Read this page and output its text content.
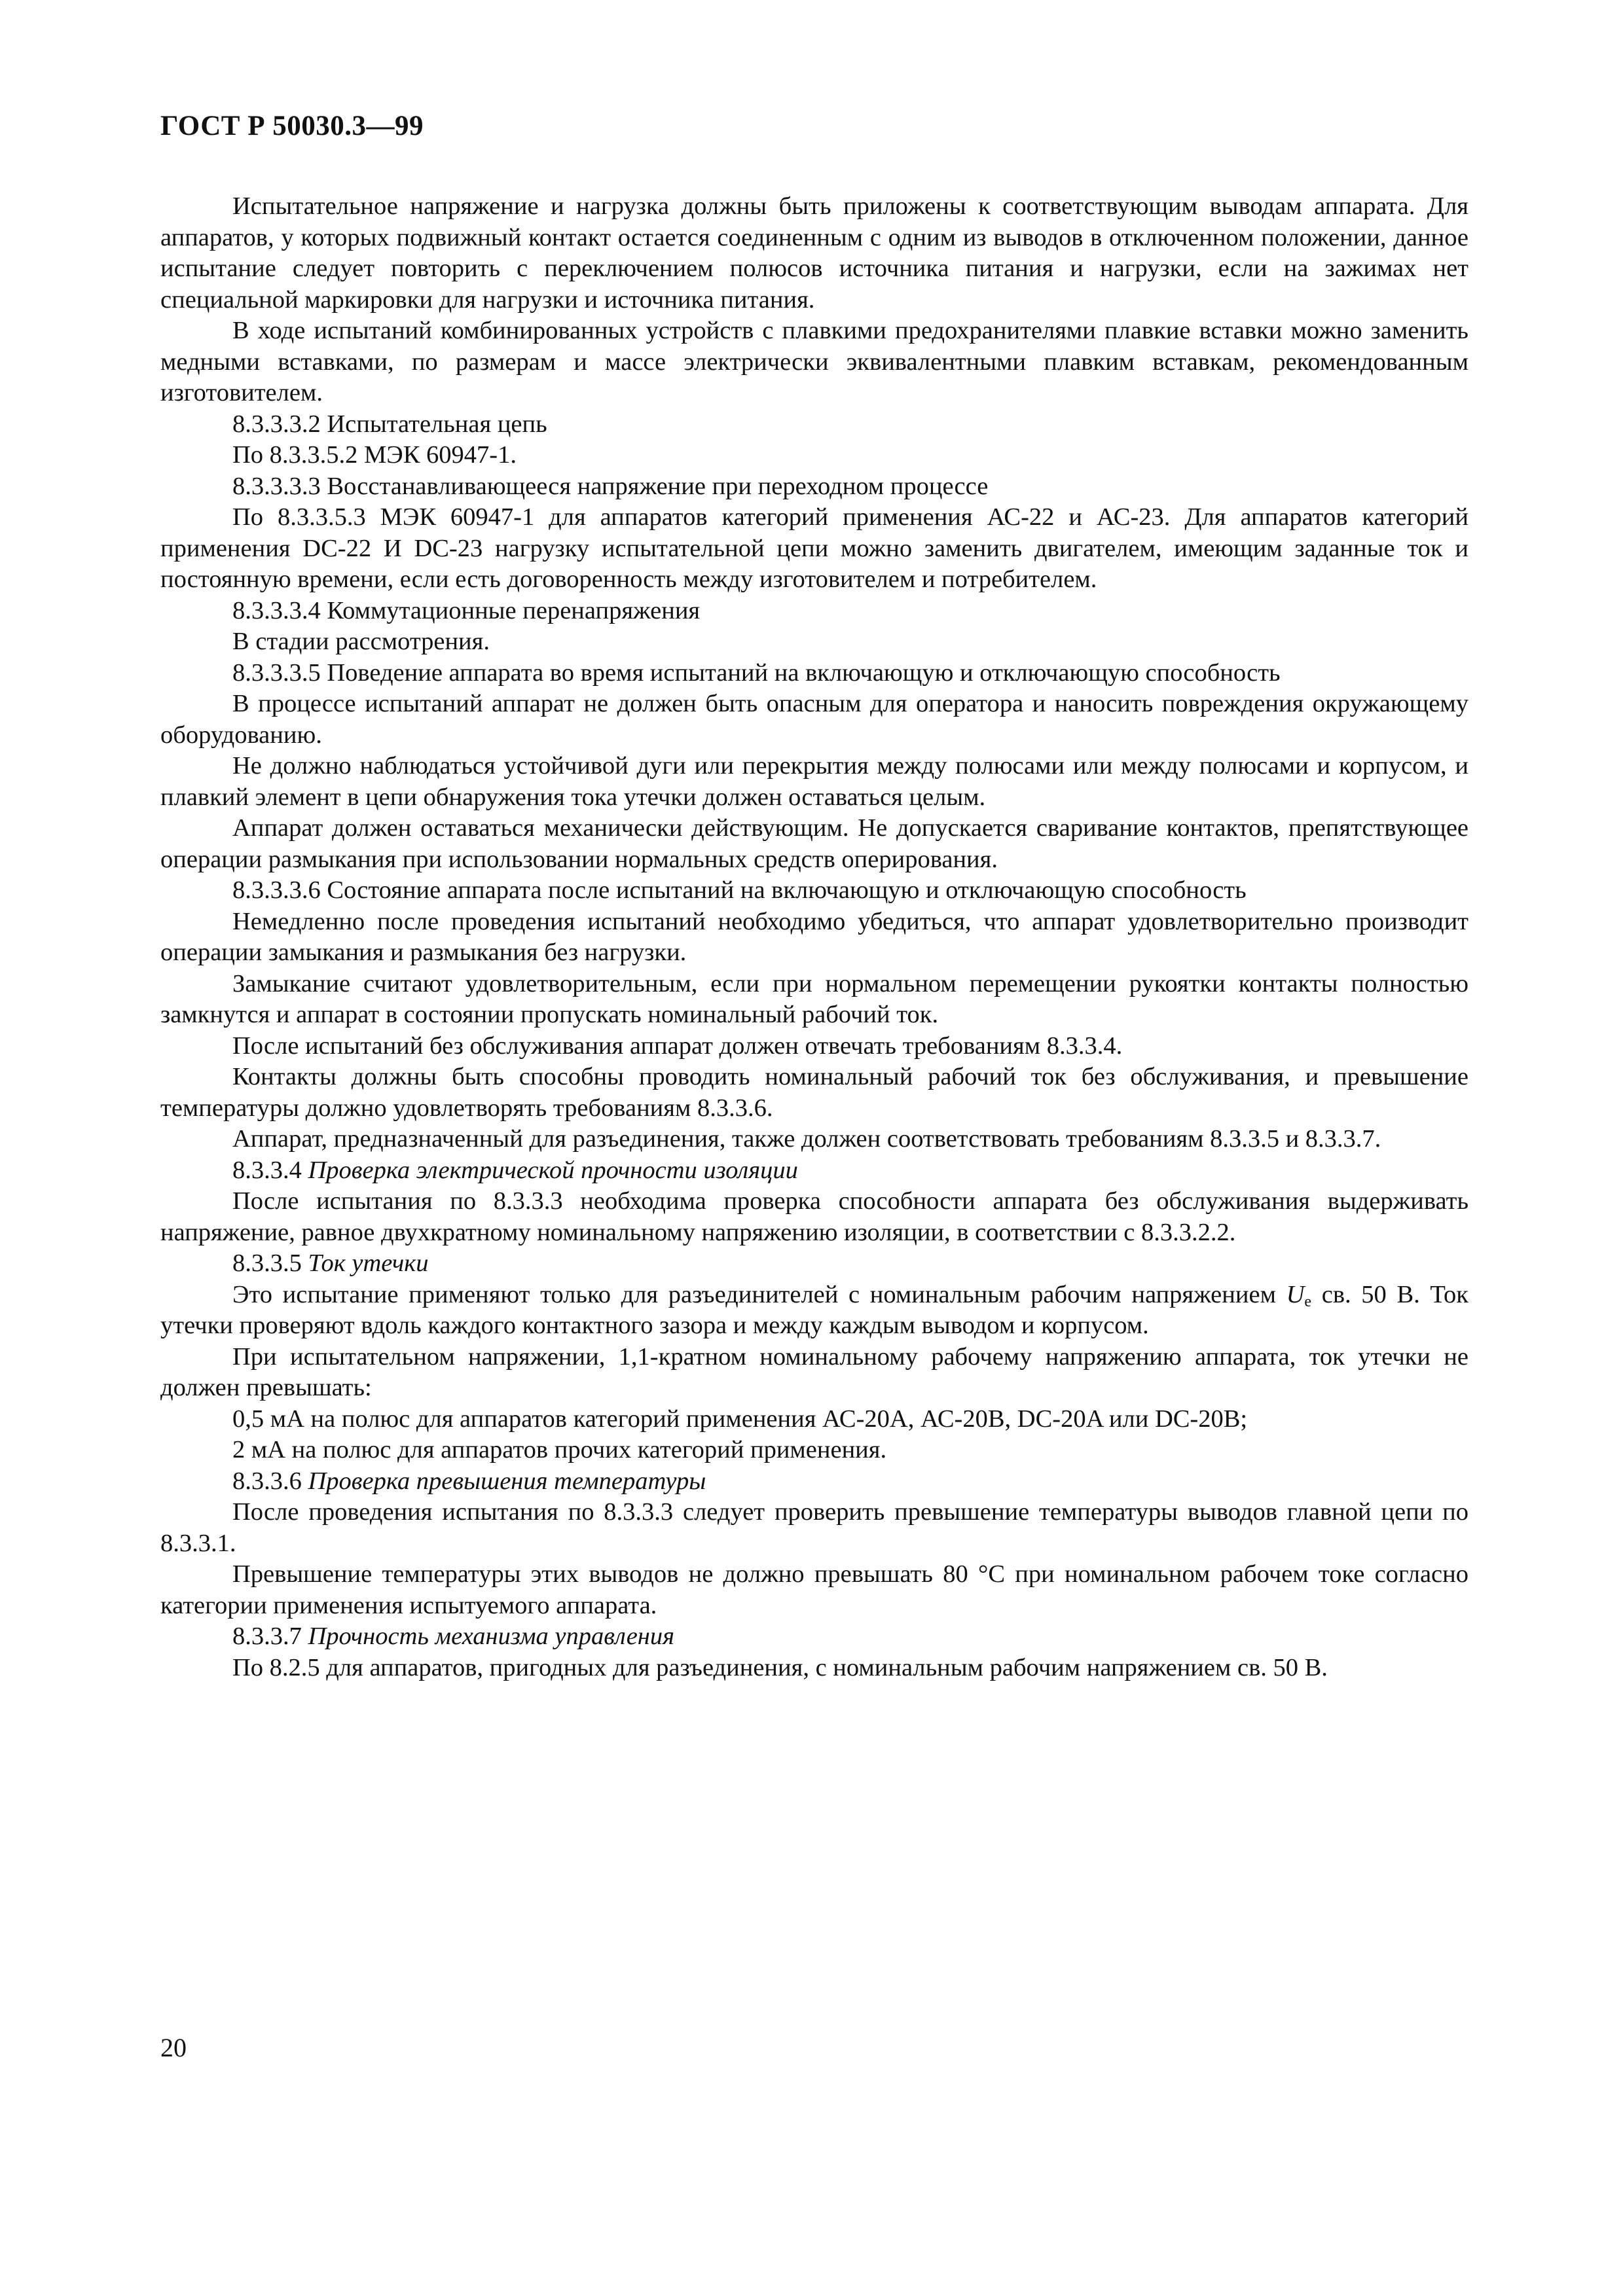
ГОСТ Р 50030.3—99

Испытательное напряжение и нагрузка должны быть приложены к соответствующим выводам аппарата. Для аппаратов, у которых подвижный контакт остается соединенным с одним из выводов в отключенном положении, данное испытание следует повторить с переключением полюсов источника питания и нагрузки, если на зажимах нет специальной маркировки для нагрузки и источника питания.

В ходе испытаний комбинированных устройств с плавкими предохранителями плавкие вставки можно заменить медными вставками, по размерам и массе электрически эквивалентными плавким вставкам, рекомендованным изготовителем.

8.3.3.3.2 Испытательная цепь

По 8.3.3.5.2 МЭК 60947-1.

8.3.3.3.3 Восстанавливающееся напряжение при переходном процессе

По 8.3.3.5.3 МЭК 60947-1 для аппаратов категорий применения АС-22 и АС-23. Для аппаратов категорий применения DC-22 И DC-23 нагрузку испытательной цепи можно заменить двигателем, имеющим заданные ток и постоянную времени, если есть договоренность между изготовителем и потребителем.

8.3.3.3.4 Коммутационные перенапряжения

В стадии рассмотрения.

8.3.3.3.5 Поведение аппарата во время испытаний на включающую и отключающую способность

В процессе испытаний аппарат не должен быть опасным для оператора и наносить повреждения окружающему оборудованию.

Не должно наблюдаться устойчивой дуги или перекрытия между полюсами или между полюсами и корпусом, и плавкий элемент в цепи обнаружения тока утечки должен оставаться целым.

Аппарат должен оставаться механически действующим. Не допускается сваривание контактов, препятствующее операции размыкания при использовании нормальных средств оперирования.

8.3.3.3.6 Состояние аппарата после испытаний на включающую и отключающую способность

Немедленно после проведения испытаний необходимо убедиться, что аппарат удовлетворительно производит операции замыкания и размыкания без нагрузки.

Замыкание считают удовлетворительным, если при нормальном перемещении рукоятки контакты полностью замкнутся и аппарат в состоянии пропускать номинальный рабочий ток.

После испытаний без обслуживания аппарат должен отвечать требованиям 8.3.3.4.

Контакты должны быть способны проводить номинальный рабочий ток без обслуживания, и превышение температуры должно удовлетворять требованиям 8.3.3.6.

Аппарат, предназначенный для разъединения, также должен соответствовать требованиям 8.3.3.5 и 8.3.3.7.

8.3.3.4 Проверка электрической прочности изоляции

После испытания по 8.3.3.3 необходима проверка способности аппарата без обслуживания выдерживать напряжение, равное двухкратному номинальному напряжению изоляции, в соответствии с 8.3.3.2.2.

8.3.3.5 Ток утечки

Это испытание применяют только для разъединителей с номинальным рабочим напряжением $U_e$ св. 50 В. Ток утечки проверяют вдоль каждого контактного зазора и между каждым выводом и корпусом.

При испытательном напряжении, 1,1-кратном номинальному рабочему напряжению аппарата, ток утечки не должен превышать:

0,5 мА на полюс для аппаратов категорий применения АС-20А, АС-20В, DC-20A или DC-20B;

2 мА на полюс для аппаратов прочих категорий применения.

8.3.3.6 Проверка превышения температуры

После проведения испытания по 8.3.3.3 следует проверить превышение температуры выводов главной цепи по 8.3.3.1.

Превышение температуры этих выводов не должно превышать 80 °С при номинальном рабочем токе согласно категории применения испытуемого аппарата.

8.3.3.7 Прочность механизма управления

По 8.2.5 для аппаратов, пригодных для разъединения, с номинальным рабочим напряжением св. 50 В.

20
